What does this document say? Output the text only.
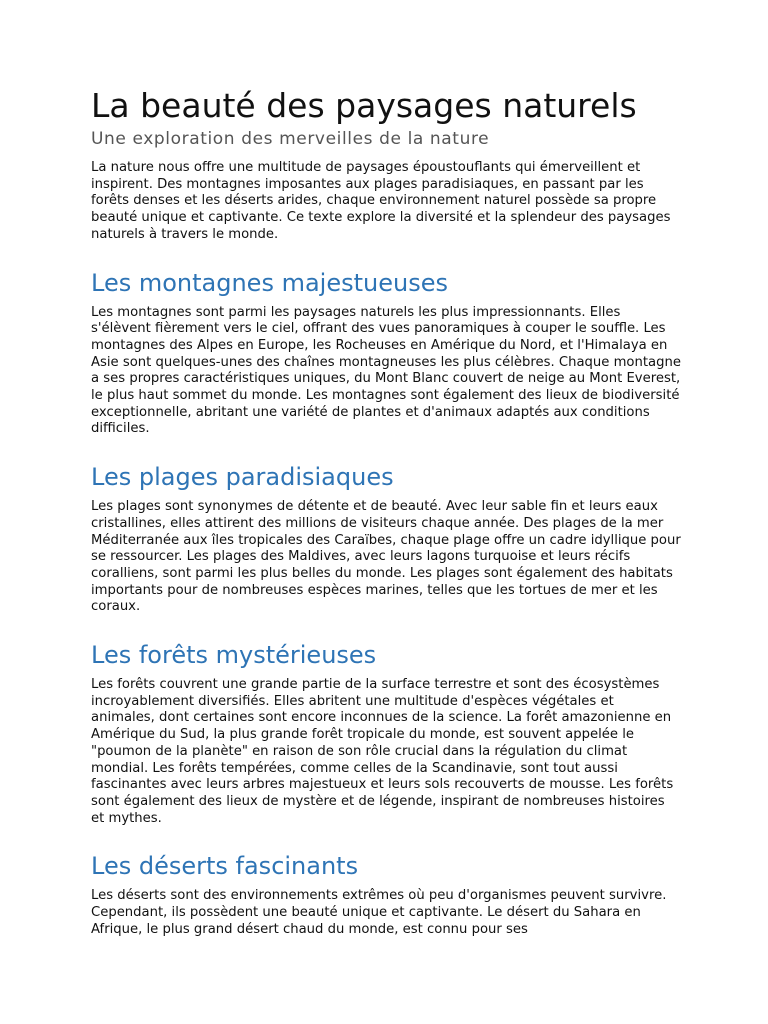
La beauté des paysages naturels
Une exploration des merveilles de la nature

La nature nous offre une multitude de paysages époustouflants qui émerveillent et inspirent. Des montagnes imposantes aux plages paradisiaques, en passant par les forêts denses et les déserts arides, chaque environnement naturel possède sa propre beauté unique et captivante. Ce texte explore la diversité et la splendeur des paysages naturels à travers le monde.

Les montagnes majestueuses

Les montagnes sont parmi les paysages naturels les plus impressionnants. Elles s'élèvent fièrement vers le ciel, offrant des vues panoramiques à couper le souffle. Les montagnes des Alpes en Europe, les Rocheuses en Amérique du Nord, et l'Himalaya en Asie sont quelques-unes des chaînes montagneuses les plus célèbres. Chaque montagne a ses propres caractéristiques uniques, du Mont Blanc couvert de neige au Mont Everest, le plus haut sommet du monde. Les montagnes sont également des lieux de biodiversité exceptionnelle, abritant une variété de plantes et d'animaux adaptés aux conditions difficiles.

Les plages paradisiaques

Les plages sont synonymes de détente et de beauté. Avec leur sable fin et leurs eaux cristallines, elles attirent des millions de visiteurs chaque année. Des plages de la mer Méditerranée aux îles tropicales des Caraïbes, chaque plage offre un cadre idyllique pour se ressourcer. Les plages des Maldives, avec leurs lagons turquoise et leurs récifs coralliens, sont parmi les plus belles du monde. Les plages sont également des habitats importants pour de nombreuses espèces marines, telles que les tortues de mer et les coraux.

Les forêts mystérieuses

Les forêts couvrent une grande partie de la surface terrestre et sont des écosystèmes incroyablement diversifiés. Elles abritent une multitude d'espèces végétales et animales, dont certaines sont encore inconnues de la science. La forêt amazonienne en Amérique du Sud, la plus grande forêt tropicale du monde, est souvent appelée le "poumon de la planète" en raison de son rôle crucial dans la régulation du climat mondial. Les forêts tempérées, comme celles de la Scandinavie, sont tout aussi fascinantes avec leurs arbres majestueux et leurs sols recouverts de mousse. Les forêts sont également des lieux de mystère et de légende, inspirant de nombreuses histoires et mythes.

Les déserts fascinants

Les déserts sont des environnements extrêmes où peu d'organismes peuvent survivre. Cependant, ils possèdent une beauté unique et captivante. Le désert du Sahara en Afrique, le plus grand désert chaud du monde, est connu pour ses
